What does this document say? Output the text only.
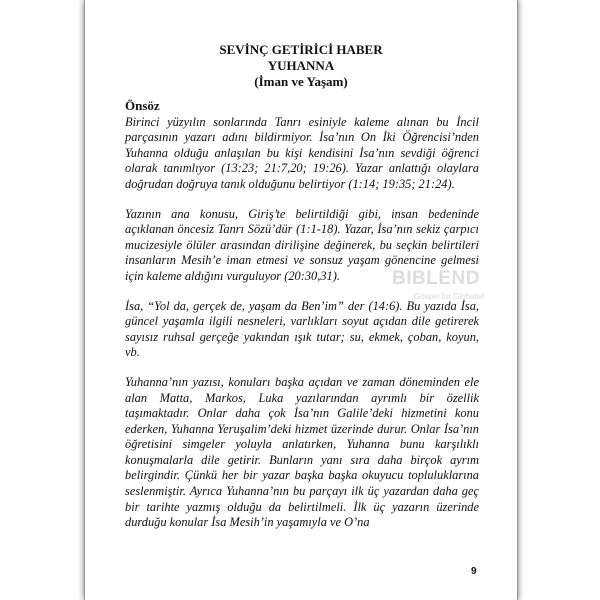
SEVİNÇ GETİRİCİ HABER
YUHANNA
(İman ve Yaşam)
Önsöz

Birinci yüzyılın sonlarında Tanrı esiniyle kaleme alınan bu İncil parçasının yazarı adını bildirmiyor. İsa’nın On İki Öğrencisi’nden Yuhanna olduğu anlaşılan bu kişi kendisini İsa’nın sevdiği öğrenci olarak tanımlıyor (13:23; 21:7,20; 19:26). Yazar anlattığı olaylara doğrudan doğruya tanık olduğunu belirtiyor (1:14; 19:35; 21:24).

Yazının ana konusu, Giriş’te belirtildiği gibi, insan bedeninde açıklanan öncesiz Tanrı Sözü’dür (1:1-18). Yazar, İsa’nın sekiz çarpıcı mucizesiyle ölüler arasından dirilişine değinerek, bu seçkin belirtileri insanların Mesih’e iman etmesi ve sonsuz yaşam gönencine gelmesi için kaleme aldığını vurguluyor (20:30,31).

İsa, “Yol da, gerçek de, yaşam da Ben’im” der (14:6). Bu yazıda İsa, güncel yaşamla ilgili nesneleri, varlıkları soyut açıdan dile getirerek sayısız ruhsal gerçeğe yakından ışık tutar; su, ekmek, çoban, koyun, vb.

Yuhanna’nın yazısı, konuları başka açıdan ve zaman döneminden ele alan Matta, Markos, Luka yazılarından ayrımlı bir özellik taşımaktadır. Onlar daha çok İsa’nın Galile’deki hizmetini konu ederken, Yuhanna Yeruşalim’deki hizmet üzerinde durur. Onlar İsa’nın öğretisini simgeler yoluyla anlatırken, Yuhanna bunu karşılıklı konuşmalarla dile getirir. Bunların yanı sıra daha birçok ayrım belirgindir. Çünkü her bir yazar başka başka okuyucu topluluklarına seslenmiştir. Ayrıca Yuhanna’nın bu parçayı ilk üç yazardan daha geç bir tarihte yazmış olduğu da belirtilmeli. İlk üç yazarın üzerinde durduğu konular İsa Mesih’in yaşamıyla ve O’na

9
BIBLEND
Gospel for Globalist
